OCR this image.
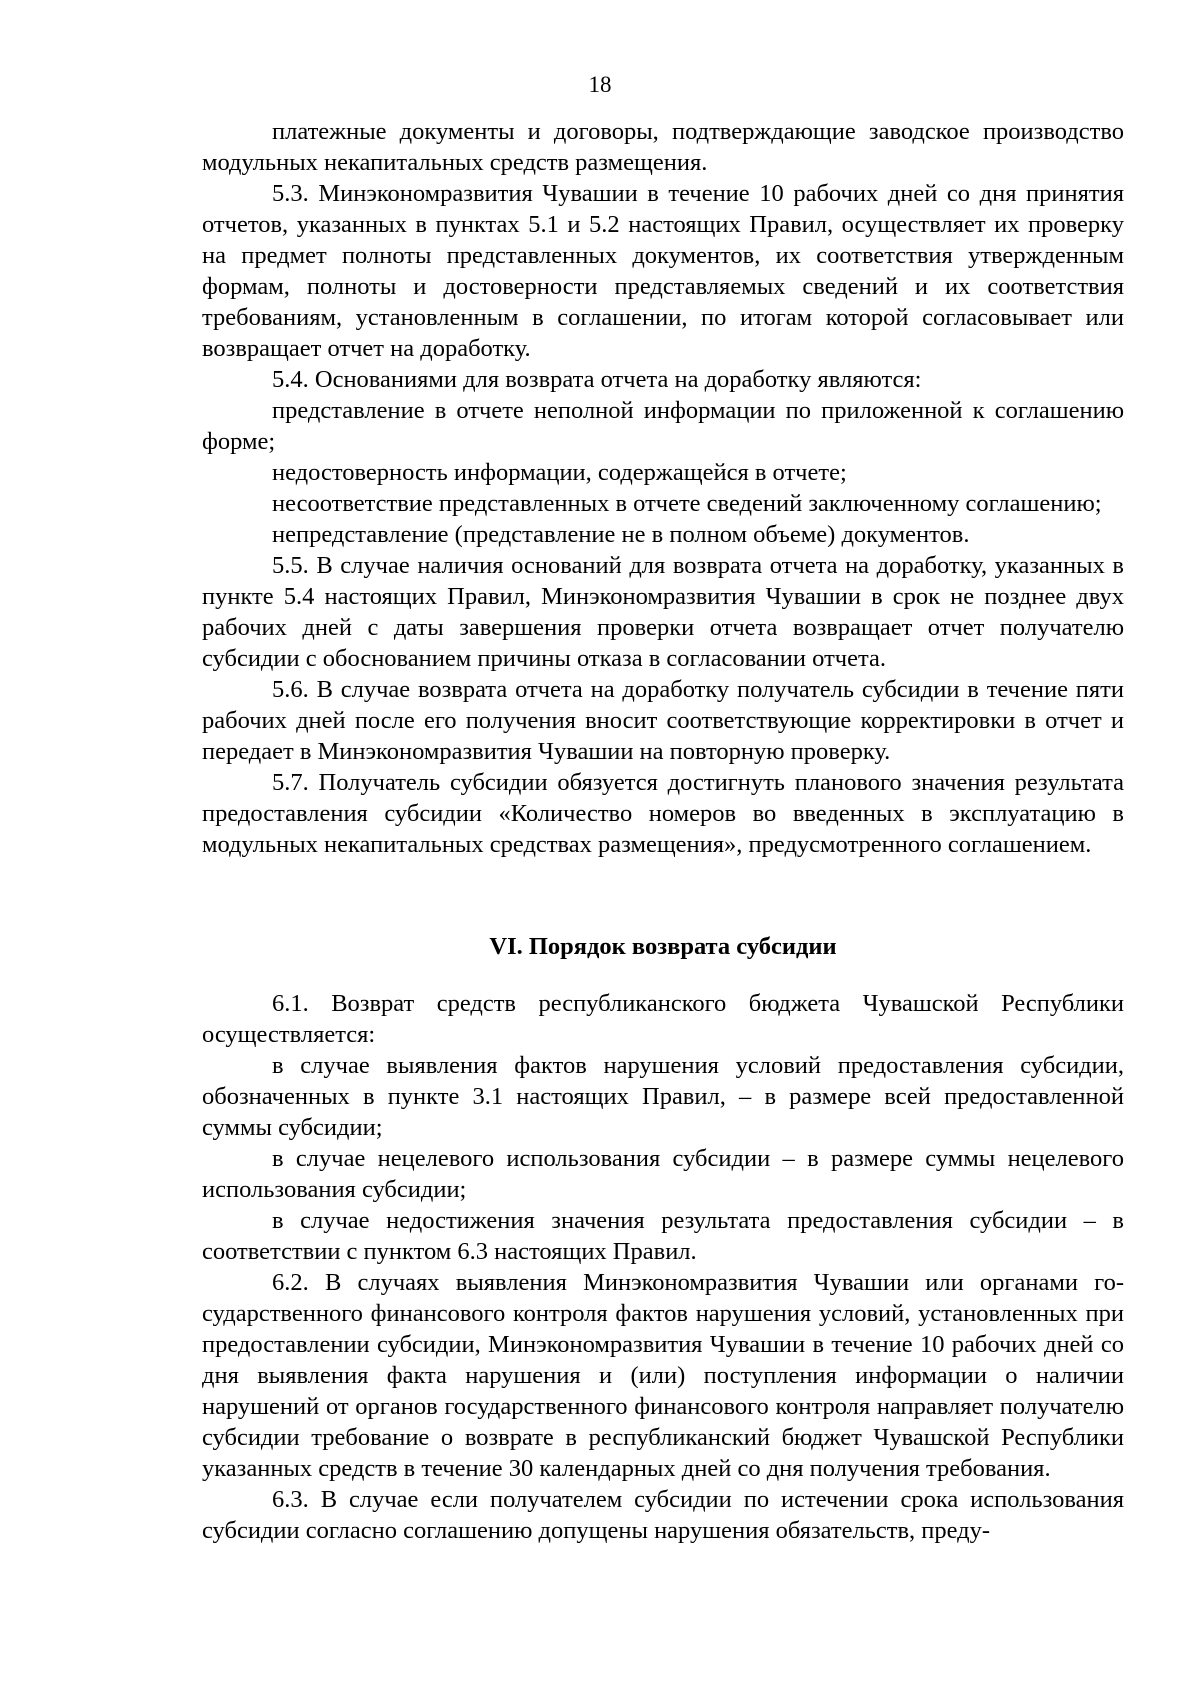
18

платежные документы и договоры, подтверждающие заводское производство модульных некапитальных средств размещения.

5.3. Минэкономразвития Чувашии в течение 10 рабочих дней со дня принятия отчетов, указанных в пунктах 5.1 и 5.2 настоящих Правил, осуществляет их проверку на предмет полноты представленных документов, их соответствия утвержденным формам, полноты и достоверности представляемых сведений и их соответствия требованиям, установленным в соглашении, по итогам которой согласовывает или возвращает отчет на доработку.

5.4. Основаниями для возврата отчета на доработку являются:

представление в отчете неполной информации по приложенной к соглашению форме;

недостоверность информации, содержащейся в отчете;

несоответствие представленных в отчете сведений заключенному соглашению;

непредставление (представление не в полном объеме) документов.

5.5. В случае наличия оснований для возврата отчета на доработку, указанных в пункте 5.4 настоящих Правил, Минэкономразвития Чувашии в срок не позднее двух рабочих дней с даты завершения проверки отчета возвращает отчет получателю субсидии с обоснованием причины отказа в согласовании отчета.

5.6. В случае возврата отчета на доработку получатель субсидии в течение пяти рабочих дней после его получения вносит соответствующие корректировки в отчет и передает в Минэкономразвития Чувашии на повторную проверку.

5.7. Получатель субсидии обязуется достигнуть планового значения результата предоставления субсидии «Количество номеров во введенных в эксплуатацию в модульных некапитальных средствах размещения», предусмотренного соглашением.

VI. Порядок возврата субсидии

6.1. Возврат средств республиканского бюджета Чувашской Республики осуществляется:

в случае выявления фактов нарушения условий предоставления субсидии, обозначенных в пункте 3.1 настоящих Правил, – в размере всей предоставленной суммы субсидии;

в случае нецелевого использования субсидии – в размере суммы нецелевого использования субсидии;

в случае недостижения значения результата предоставления субсидии – в соответствии с пунктом 6.3 настоящих Правил.

6.2. В случаях выявления Минэкономразвития Чувашии или органами государственного финансового контроля фактов нарушения условий, установленных при предоставлении субсидии, Минэкономразвития Чувашии в течение 10 рабочих дней со дня выявления факта нарушения и (или) поступления информации о наличии нарушений от органов государственного финансового контроля направляет получателю субсидии требование о возврате в республиканский бюджет Чувашской Республики указанных средств в течение 30 календарных дней со дня получения требования.

6.3. В случае если получателем субсидии по истечении срока использования субсидии согласно соглашению допущены нарушения обязательств, преду-
